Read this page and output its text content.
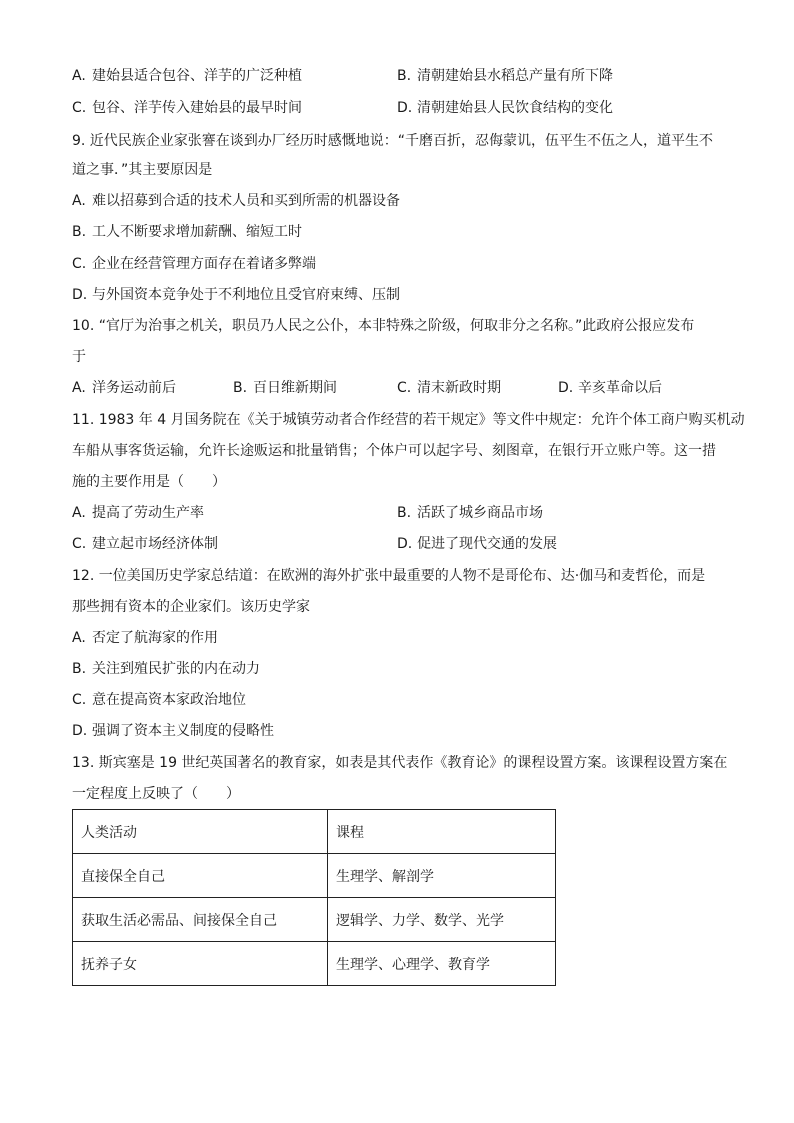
A. 建始县适合包谷、洋芋的广泛种植	B. 清朝建始县水稻总产量有所下降
C. 包谷、洋芋传入建始县的最早时间	D. 清朝建始县人民饮食结构的变化
9. 近代民族企业家张謇在谈到办厂经历时感慨地说：“千磨百折，忍侮蒙讥，伍平生不伍之人，道平生不
道之事．”其主要原因是
A. 难以招募到合适的技术人员和买到所需的机器设备
B. 工人不断要求增加薪酬、缩短工时
C. 企业在经营管理方面存在着诸多弊端
D. 与外国资本竞争处于不利地位且受官府束缚、压制
10. “官厅为治事之机关，职员乃人民之公仆，本非特殊之阶级，何取非分之名称。”此政府公报应发布
于
A. 洋务运动前后	B. 百日维新期间	C. 清末新政时期	D. 辛亥革命以后
11. 1983 年 4 月国务院在《关于城镇劳动者合作经营的若干规定》等文件中规定：允许个体工商户购买机动
车船从事客货运输，允许长途贩运和批量销售；个体户可以起字号、刻图章，在银行开立账户等。这一措
施的主要作用是（　　）
A. 提高了劳动生产率	B. 活跃了城乡商品市场
C. 建立起市场经济体制	D. 促进了现代交通的发展
12. 一位美国历史学家总结道：在欧洲的海外扩张中最重要的人物不是哥伦布、达·伽马和麦哲伦，而是
那些拥有资本的企业家们。该历史学家
A. 否定了航海家的作用
B. 关注到殖民扩张的内在动力
C. 意在提高资本家政治地位
D. 强调了资本主义制度的侵略性
13. 斯宾塞是 19 世纪英国著名的教育家，如表是其代表作《教育论》的课程设置方案。该课程设置方案在
一定程度上反映了（　　）
人类活动	课程
直接保全自己	生理学、解剖学
获取生活必需品、间接保全自己	逻辑学、力学、数学、光学
抚养子女	生理学、心理学、教育学
